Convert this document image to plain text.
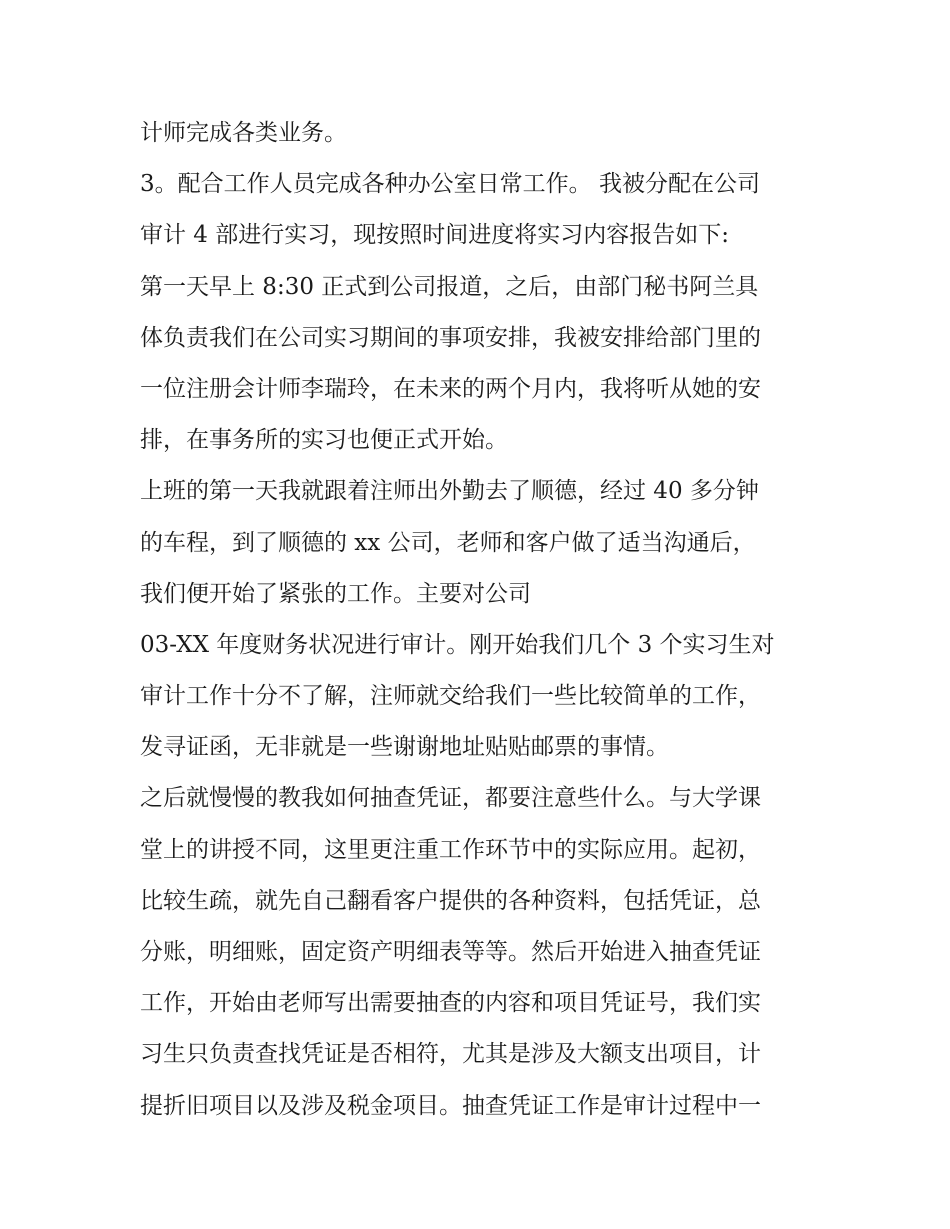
计师完成各类业务。
3。配合工作人员完成各种办公室日常工作。 我被分配在公司
审计 4 部进行实习，现按照时间进度将实习内容报告如下:
第一天早上 8:30 正式到公司报道，之后，由部门秘书阿兰具
体负责我们在公司实习期间的事项安排，我被安排给部门里的
一位注册会计师李瑞玲，在未来的两个月内，我将听从她的安
排，在事务所的实习也便正式开始。
上班的第一天我就跟着注师出外勤去了顺德，经过 40 多分钟
的车程，到了顺德的 xx 公司，老师和客户做了适当沟通后，
我们便开始了紧张的工作。主要对公司
03-XX 年度财务状况进行审计。刚开始我们几个 3 个实习生对
审计工作十分不了解，注师就交给我们一些比较简单的工作，
发寻证函，无非就是一些谢谢地址贴贴邮票的事情。
之后就慢慢的教我如何抽查凭证，都要注意些什么。与大学课
堂上的讲授不同，这里更注重工作环节中的实际应用。起初，
比较生疏，就先自己翻看客户提供的各种资料，包括凭证，总
分账，明细账，固定资产明细表等等。然后开始进入抽查凭证
工作，开始由老师写出需要抽查的内容和项目凭证号，我们实
习生只负责查找凭证是否相符，尤其是涉及大额支出项目，计
提折旧项目以及涉及税金项目。抽查凭证工作是审计过程中一
